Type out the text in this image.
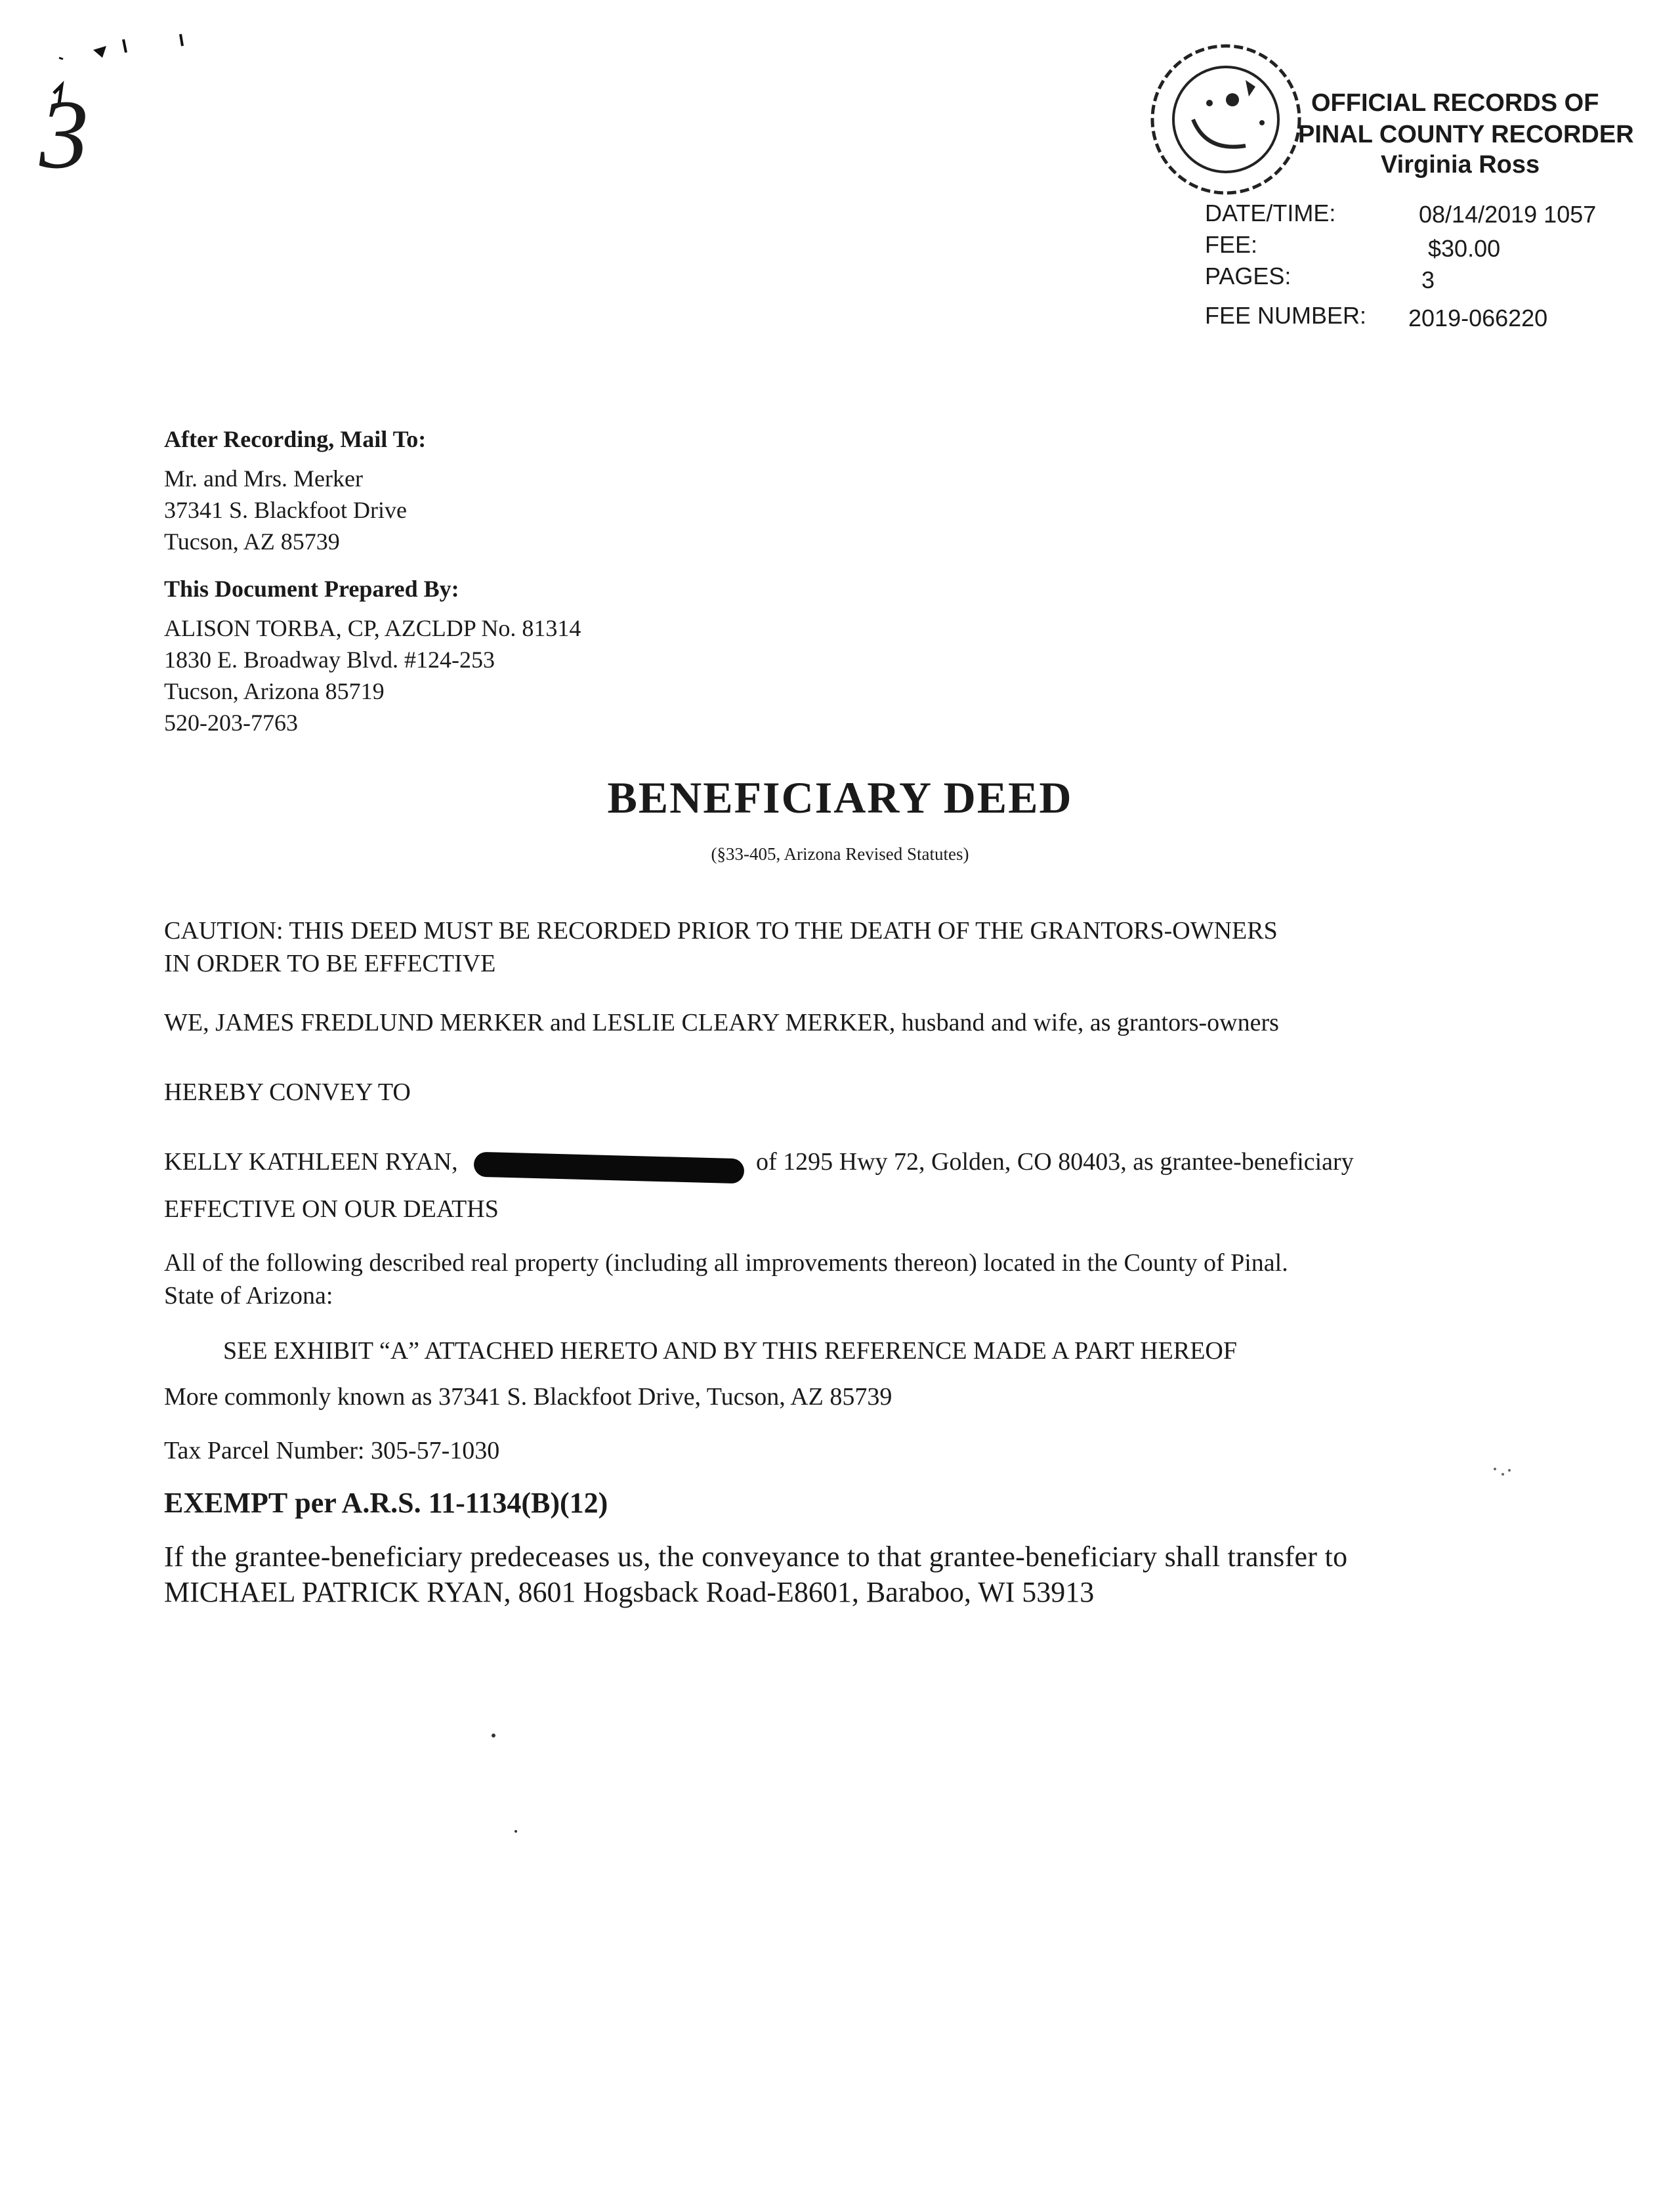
3	OFFICIAL RECORDS OF
PINAL COUNTY RECORDER
Virginia Ross
DATE/TIME:	08/14/2019 1057
FEE:	$30.00
PAGES:	3
FEE NUMBER: 2019-066220
After Recording, Mail To:
Mr. and Mrs. Merker
37341 S. Blackfoot Drive
Tucson, AZ 85739
This Document Prepared By:
ALISON TORBA, CP, AZCLDP No. 81314
1830 E. Broadway Blvd. #124-253
Tucson, Arizona 85719
520-203-7763
BENEFICIARY DEED
(§33-405, Arizona Revised Statutes)
CAUTION: THIS DEED MUST BE RECORDED PRIOR TO THE DEATH OF THE GRANTORS-OWNERS
IN ORDER TO BE EFFECTIVE
WE, JAMES FREDLUND MERKER and LESLIE CLEARY MERKER, husband and wife, as grantors-owners
HEREBY CONVEY TO
KELLY KATHLEEN RYAN,	of 1295 Hwy 72, Golden, CO 80403, as grantee-beneficiary
EFFECTIVE ON OUR DEATHS
All of the following described real property (including all improvements thereon) located in the County of Pinal.
State of Arizona:
SEE EXHIBIT “A” ATTACHED HERETO AND BY THIS REFERENCE MADE A PART HEREOF
More commonly known as 37341 S. Blackfoot Drive, Tucson, AZ 85739
Tax Parcel Number: 305-57-1030
EXEMPT per A.R.S. 11-1134(B)(12)
If the grantee-beneficiary predeceases us, the conveyance to that grantee-beneficiary shall transfer to
MICHAEL PATRICK RYAN, 8601 Hogsback Road-E8601, Baraboo, WI 53913
